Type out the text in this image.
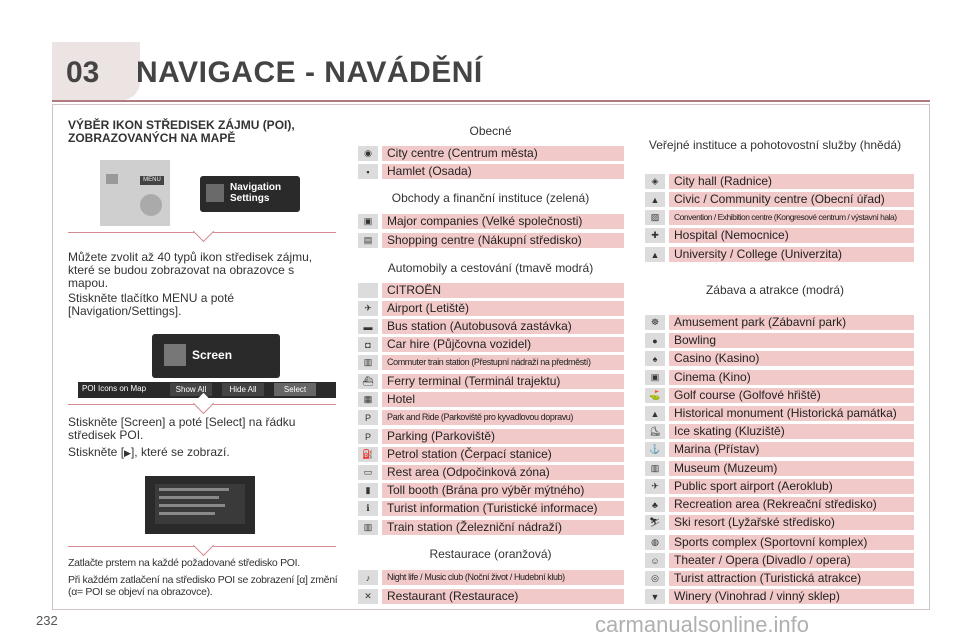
03 NAVIGACE - NAVÁDĚNÍ
VÝBĚR IKON STŘEDISEK ZÁJMU (POI), ZOBRAZOVANÝCH NA MAPĚ
MENU
Navigation Settings
Můžete zvolit až 40 typů ikon středisek zájmu, které se budou zobrazovat na obrazovce s mapou.
Stiskněte tlačítko MENU a poté [Navigation/Settings].
Screen
POI Icons on Map	Show All	Hide All	Select
Stiskněte [Screen] a poté [Select] na řádku středisek POI.
Stiskněte [▶], které se zobrazí.
Zatlačte prstem na každé požadované středisko POI.
Při každém zatlačení na středisko POI se zobrazení [α] změní (α= POI se objeví na obrazovce).
Obecné
◉	City centre (Centrum města)
▪	Hamlet (Osada)
Obchody a finanční instituce (zelená)
▣	Major companies (Velké společnosti)
▤	Shopping centre (Nákupní středisko)
Automobily a cestování (tmavě modrá)
CITROËN
✈	Airport (Letiště)
▬	Bus station (Autobusová zastávka)
◘	Car hire (Půjčovna vozidel)
▥	Commuter train station (Přestupní nádraží na předměstí)
⛴	Ferry terminal (Terminál trajektu)
▦	Hotel
P	Park and Ride (Parkoviště pro kyvadlovou dopravu)
P	Parking (Parkoviště)
⛽	Petrol station (Čerpací stanice)
▭	Rest area (Odpočinková zóna)
▮	Toll booth (Brána pro výběr mýtného)
ℹ	Turist information (Turistické informace)
▥	Train station (Železniční nádraží)
Restaurace (oranžová)
♪	Night life / Music club (Noční život / Hudební klub)
✕	Restaurant (Restaurace)
Veřejné instituce a pohotovostní služby (hnědá)
◈	City hall (Radnice)
▲	Civic / Community centre (Obecní úřad)
▨	Convention / Exhibition centre (Kongresové centrum / výstavní hala)
✚	Hospital (Nemocnice)
▲	University / College (Univerzita)
Zábava a atrakce (modrá)
☸	Amusement park (Zábavní park)
●	Bowling
♠	Casino (Kasino)
▣	Cinema (Kino)
⛳	Golf course (Golfové hřiště)
▲	Historical monument (Historická památka)
⛸	Ice skating (Kluziště)
⚓	Marina (Přístav)
▥	Museum (Muzeum)
✈	Public sport airport (Aeroklub)
♣	Recreation area (Rekreační středisko)
⛷	Ski resort (Lyžařské středisko)
◍	Sports complex (Sportovní komplex)
☺	Theater / Opera (Divadlo / opera)
◎	Turist attraction (Turistická atrakce)
▼	Winery (Vinohrad / vinný sklep)
232	carmanualsonline.info
